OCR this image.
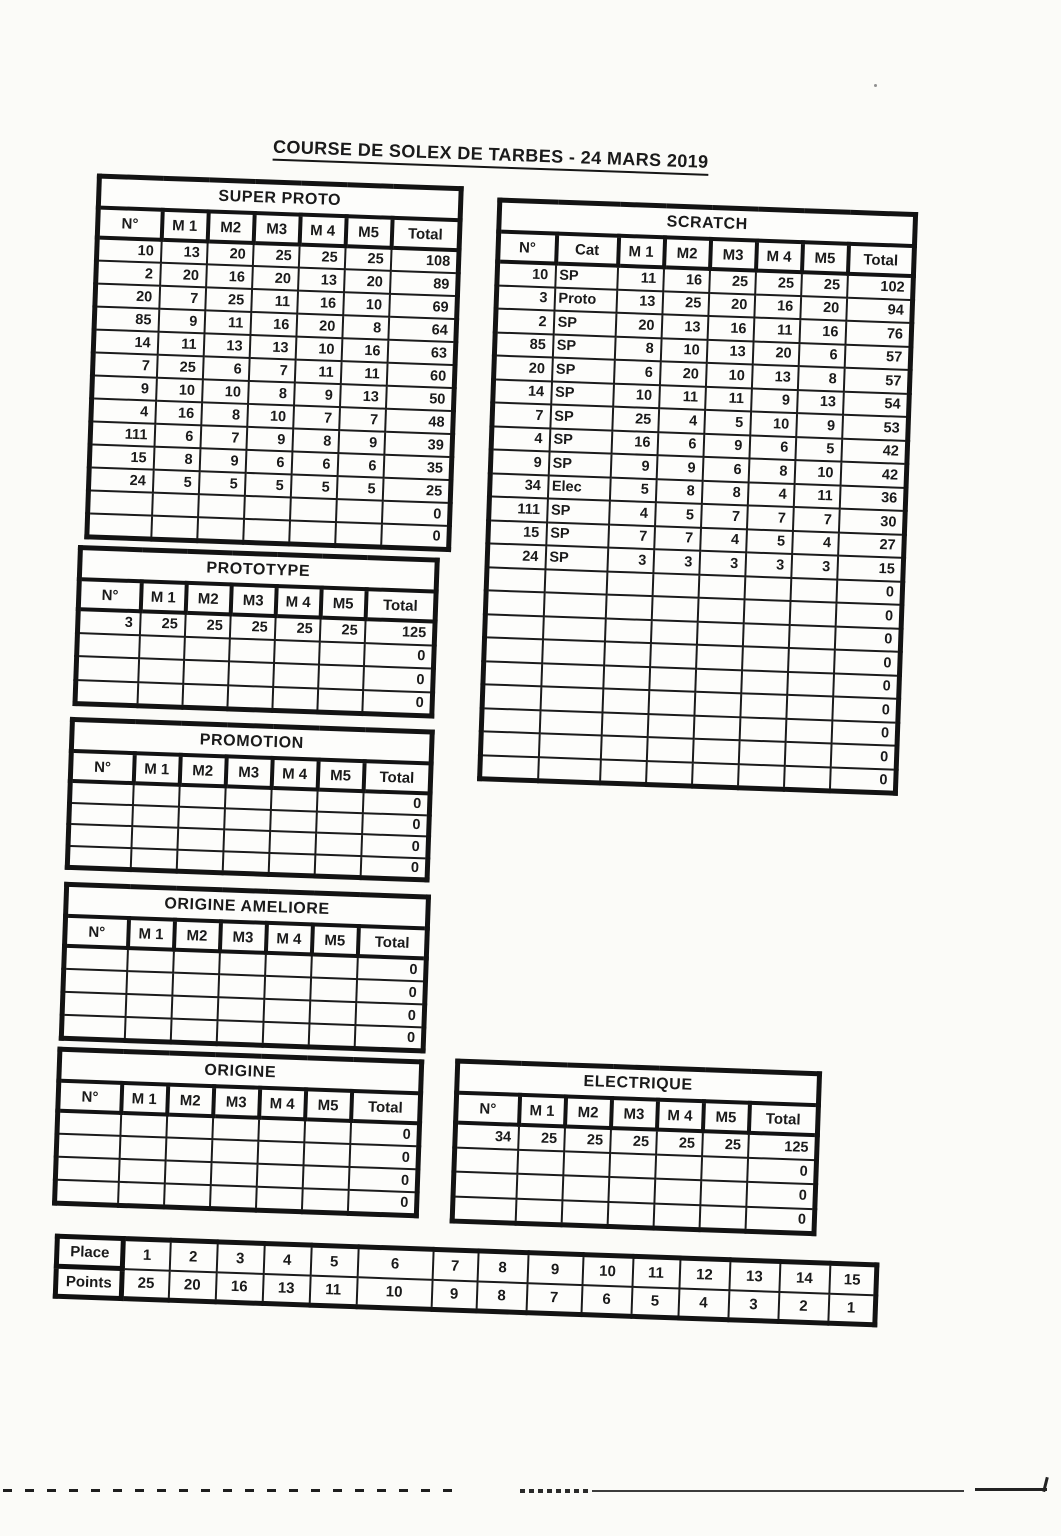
COURSE DE SOLEX DE TARBES - 24 MARS 2019
SUPER PROTO						
N°	M 1	M2	M3	M 4	M5	Total
10	13	20	25	25	25	108
2	20	16	20	13	20	89
20	7	25	11	16	10	69
85	9	11	16	20	8	64
14	11	13	13	10	16	63
7	25	6	7	11	11	60
9	10	10	8	9	13	50
4	16	8	10	7	7	48
111	6	7	9	8	9	39
15	8	9	6	6	6	35
24	5	5	5	5	5	25
						0
						0
SCRATCH							
N°	Cat	M 1	M2	M3	M 4	M5	Total
10	SP	11	16	25	25	25	102
3	Proto	13	25	20	16	20	94
2	SP	20	13	16	11	16	76
85	SP	8	10	13	20	6	57
20	SP	6	20	10	13	8	57
14	SP	10	11	11	9	13	54
7	SP	25	4	5	10	9	53
4	SP	16	6	9	6	5	42
9	SP	9	9	6	8	10	42
34	Elec	5	8	8	4	11	36
111	SP	4	5	7	7	7	30
15	SP	7	7	4	5	4	27
24	SP	3	3	3	3	3	15
							0
							0
							0
							0
							0
							0
							0
							0
							0
PROTOTYPE						
N°	M 1	M2	M3	M 4	M5	Total
3	25	25	25	25	25	125
						0
						0
						0
PROMOTION						
N°	M 1	M2	M3	M 4	M5	Total
						0
						0
						0
						0
ORIGINE AMELIORE						
N°	M 1	M2	M3	M 4	M5	Total
						0
						0
						0
						0
ORIGINE						
N°	M 1	M2	M3	M 4	M5	Total
						0
						0
						0
						0
ELECTRIQUE						
N°	M 1	M2	M3	M 4	M5	Total
34	25	25	25	25	25	125
						0
						0
						0
Place	1	2	3	4	5	6	7	8	9	10	11	12	13	14	15
Points	25	20	16	13	11	10	9	8	7	6	5	4	3	2	1
